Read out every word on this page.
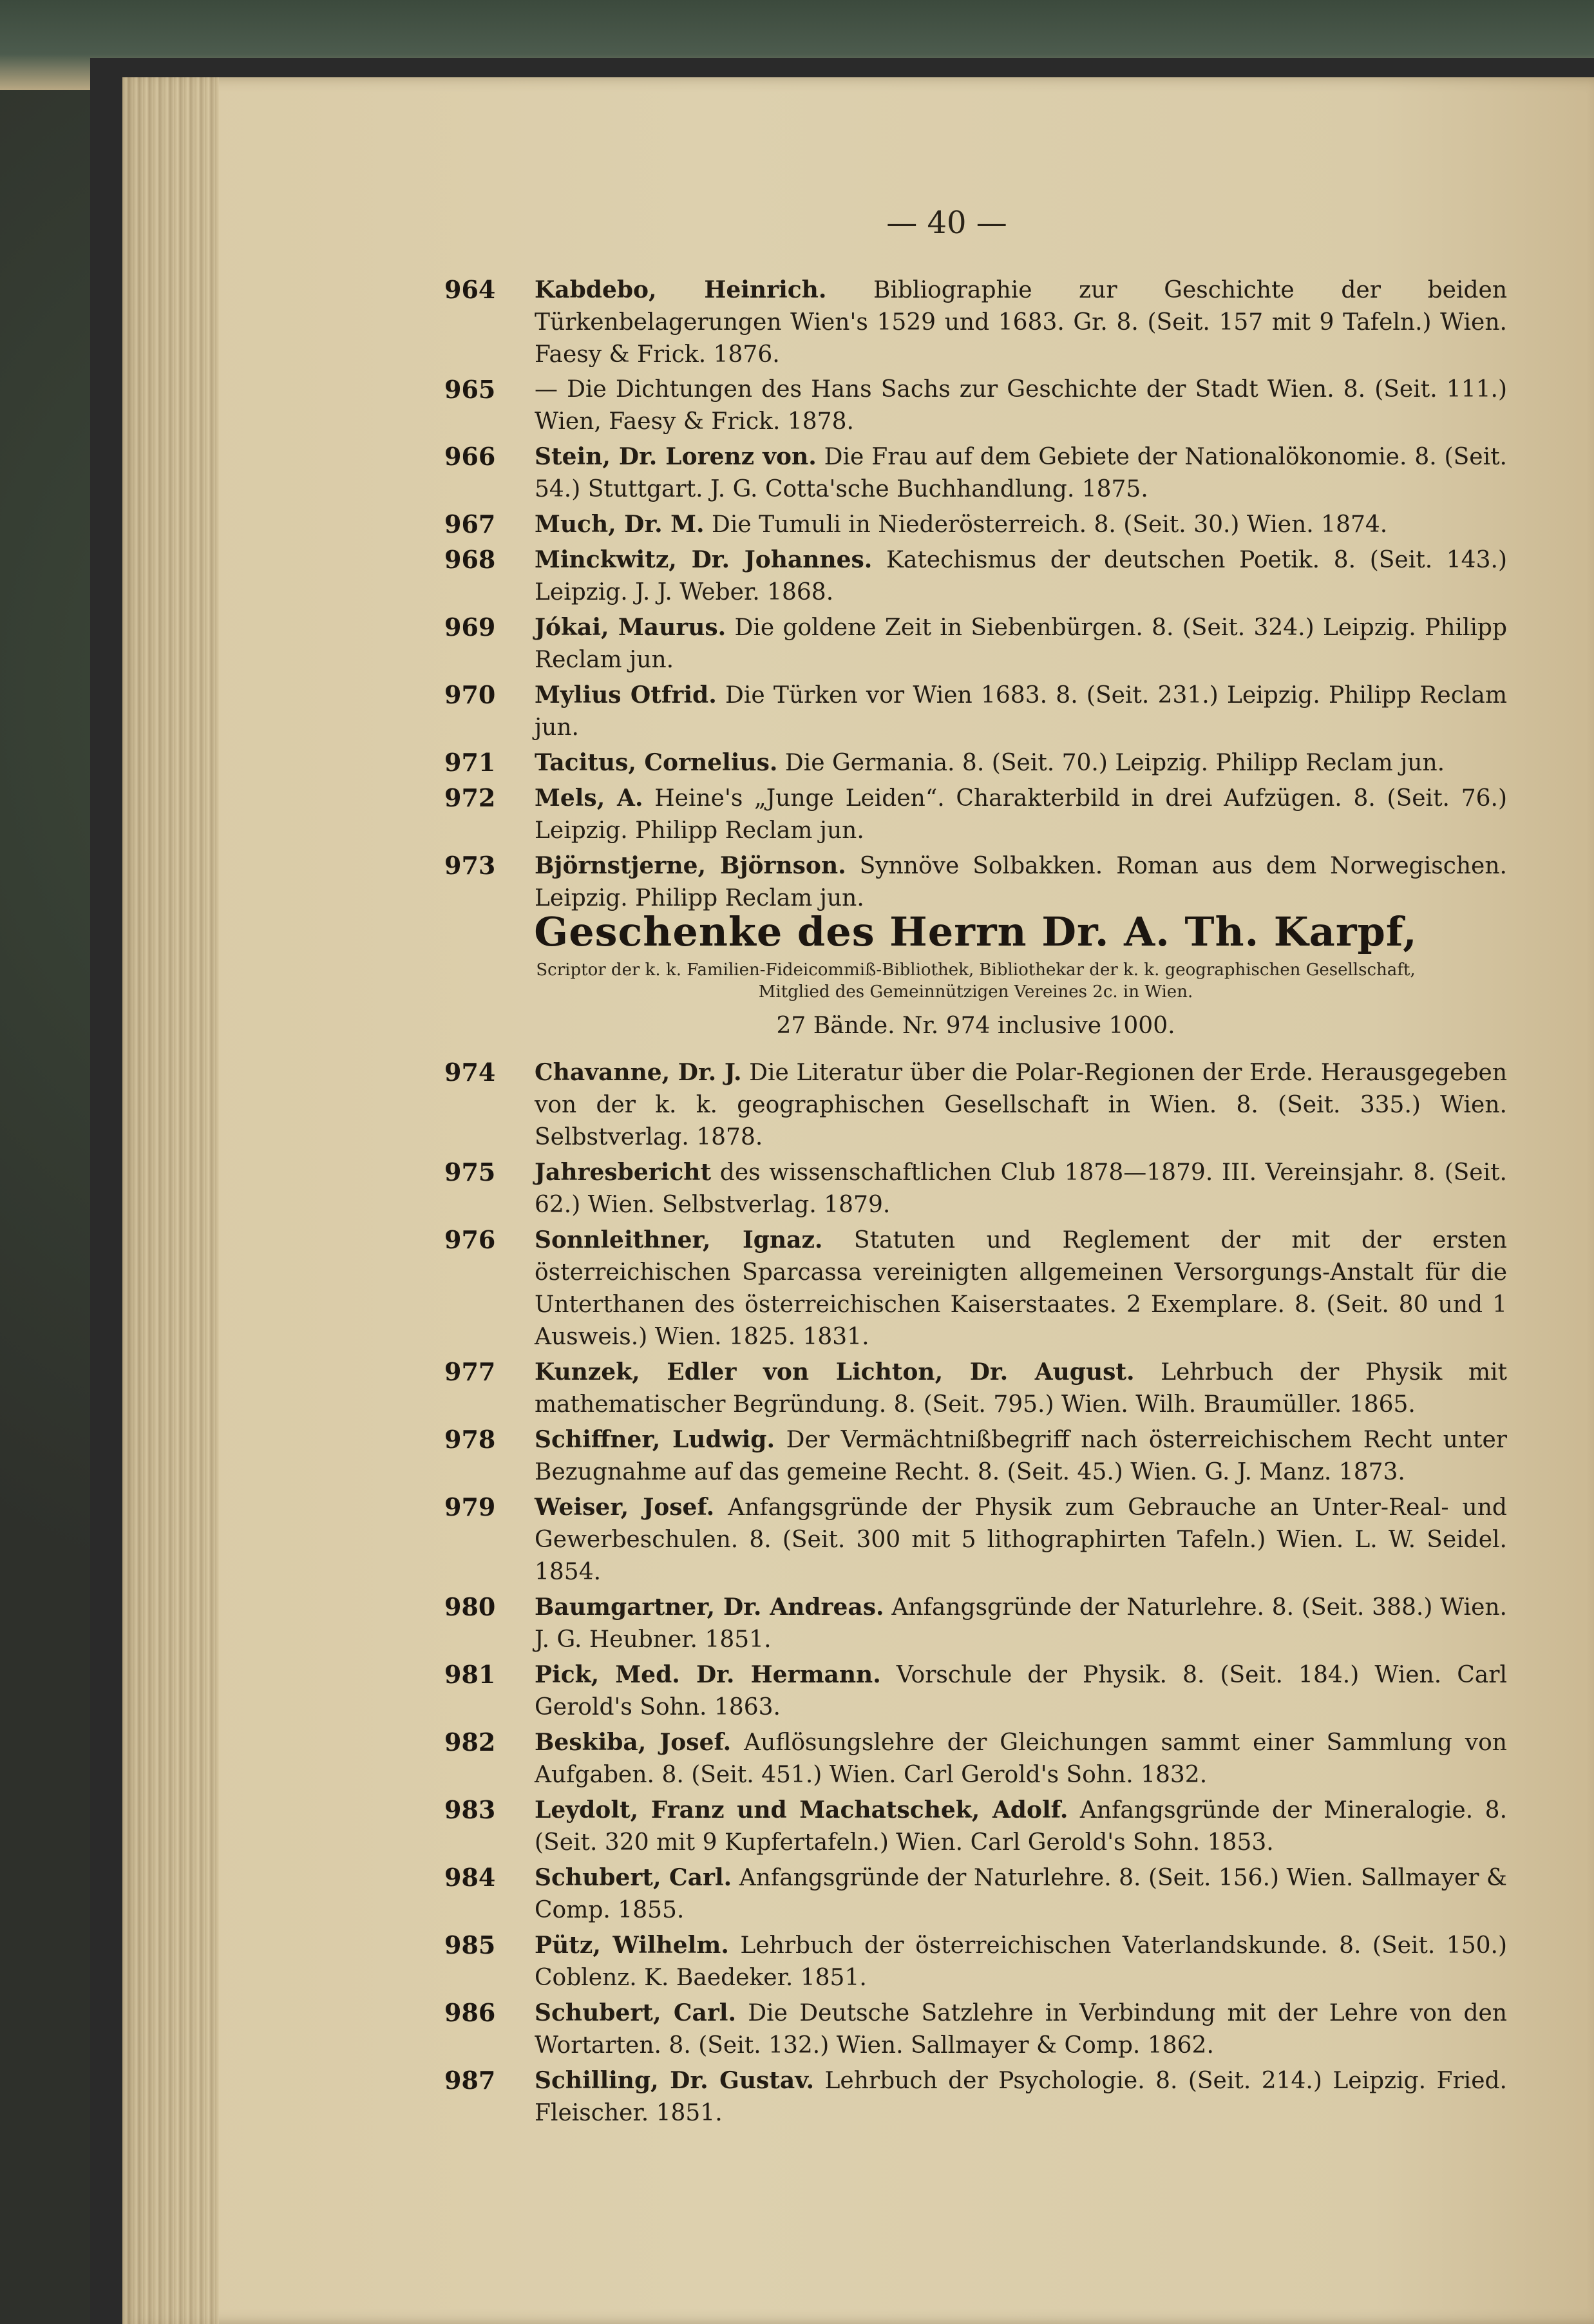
— 40 —
964	Kabdebo, Heinrich. Bibliographie zur Geschichte der beiden Türkenbelagerungen Wien's 1529 und 1683. Gr. 8. (Seit. 157 mit 9 Tafeln.) Wien. Faesy & Frick. 1876.
965	— Die Dichtungen des Hans Sachs zur Geschichte der Stadt Wien. 8. (Seit. 111.) Wien, Faesy & Frick. 1878.
966	Stein, Dr. Lorenz von. Die Frau auf dem Gebiete der Nationalökonomie. 8. (Seit. 54.) Stuttgart. J. G. Cotta'sche Buchhandlung. 1875.
967	Much, Dr. M. Die Tumuli in Niederösterreich. 8. (Seit. 30.) Wien. 1874.
968	Minckwitz, Dr. Johannes. Katechismus der deutschen Poetik. 8. (Seit. 143.) Leipzig. J. J. Weber. 1868.
969	Jókai, Maurus. Die goldene Zeit in Siebenbürgen. 8. (Seit. 324.) Leipzig. Philipp Reclam jun.
970	Mylius Otfrid. Die Türken vor Wien 1683. 8. (Seit. 231.) Leipzig. Philipp Reclam jun.
971	Tacitus, Cornelius. Die Germania. 8. (Seit. 70.) Leipzig. Philipp Reclam jun.
972	Mels, A. Heine's „Junge Leiden“. Charakterbild in drei Aufzügen. 8. (Seit. 76.) Leipzig. Philipp Reclam jun.
973	Björnstjerne, Björnson. Synnöve Solbakken. Roman aus dem Norwegischen. Leipzig. Philipp Reclam jun.
Geschenke des Herrn Dr. A. Th. Karpf,
Scriptor der k. k. Familien-Fideicommiß-Bibliothek, Bibliothekar der k. k. geographischen Gesellschaft,
Mitglied des Gemeinnützigen Vereines 2c. in Wien.
27 Bände. Nr. 974 inclusive 1000.
974	Chavanne, Dr. J. Die Literatur über die Polar-Regionen der Erde. Herausgegeben von der k. k. geographischen Gesellschaft in Wien. 8. (Seit. 335.) Wien. Selbstverlag. 1878.
975	Jahresbericht des wissenschaftlichen Club 1878—1879. III. Vereinsjahr. 8. (Seit. 62.) Wien. Selbstverlag. 1879.
976	Sonnleithner, Ignaz. Statuten und Reglement der mit der ersten österreichischen Sparcassa vereinigten allgemeinen Versorgungs-Anstalt für die Unterthanen des österreichischen Kaiserstaates. 2 Exemplare. 8. (Seit. 80 und 1 Ausweis.) Wien. 1825. 1831.
977	Kunzek, Edler von Lichton, Dr. August. Lehrbuch der Physik mit mathematischer Begründung. 8. (Seit. 795.) Wien. Wilh. Braumüller. 1865.
978	Schiffner, Ludwig. Der Vermächtnißbegriff nach österreichischem Recht unter Bezugnahme auf das gemeine Recht. 8. (Seit. 45.) Wien. G. J. Manz. 1873.
979	Weiser, Josef. Anfangsgründe der Physik zum Gebrauche an Unter-Real- und Gewerbeschulen. 8. (Seit. 300 mit 5 lithographirten Tafeln.) Wien. L. W. Seidel. 1854.
980	Baumgartner, Dr. Andreas. Anfangsgründe der Naturlehre. 8. (Seit. 388.) Wien. J. G. Heubner. 1851.
981	Pick, Med. Dr. Hermann. Vorschule der Physik. 8. (Seit. 184.) Wien. Carl Gerold's Sohn. 1863.
982	Beskiba, Josef. Auflösungslehre der Gleichungen sammt einer Sammlung von Aufgaben. 8. (Seit. 451.) Wien. Carl Gerold's Sohn. 1832.
983	Leydolt, Franz und Machatschek, Adolf. Anfangsgründe der Mineralogie. 8. (Seit. 320 mit 9 Kupfertafeln.) Wien. Carl Gerold's Sohn. 1853.
984	Schubert, Carl. Anfangsgründe der Naturlehre. 8. (Seit. 156.) Wien. Sallmayer & Comp. 1855.
985	Pütz, Wilhelm. Lehrbuch der österreichischen Vaterlandskunde. 8. (Seit. 150.) Coblenz. K. Baedeker. 1851.
986	Schubert, Carl. Die Deutsche Satzlehre in Verbindung mit der Lehre von den Wortarten. 8. (Seit. 132.) Wien. Sallmayer & Comp. 1862.
987	Schilling, Dr. Gustav. Lehrbuch der Psychologie. 8. (Seit. 214.) Leipzig. Fried. Fleischer. 1851.
